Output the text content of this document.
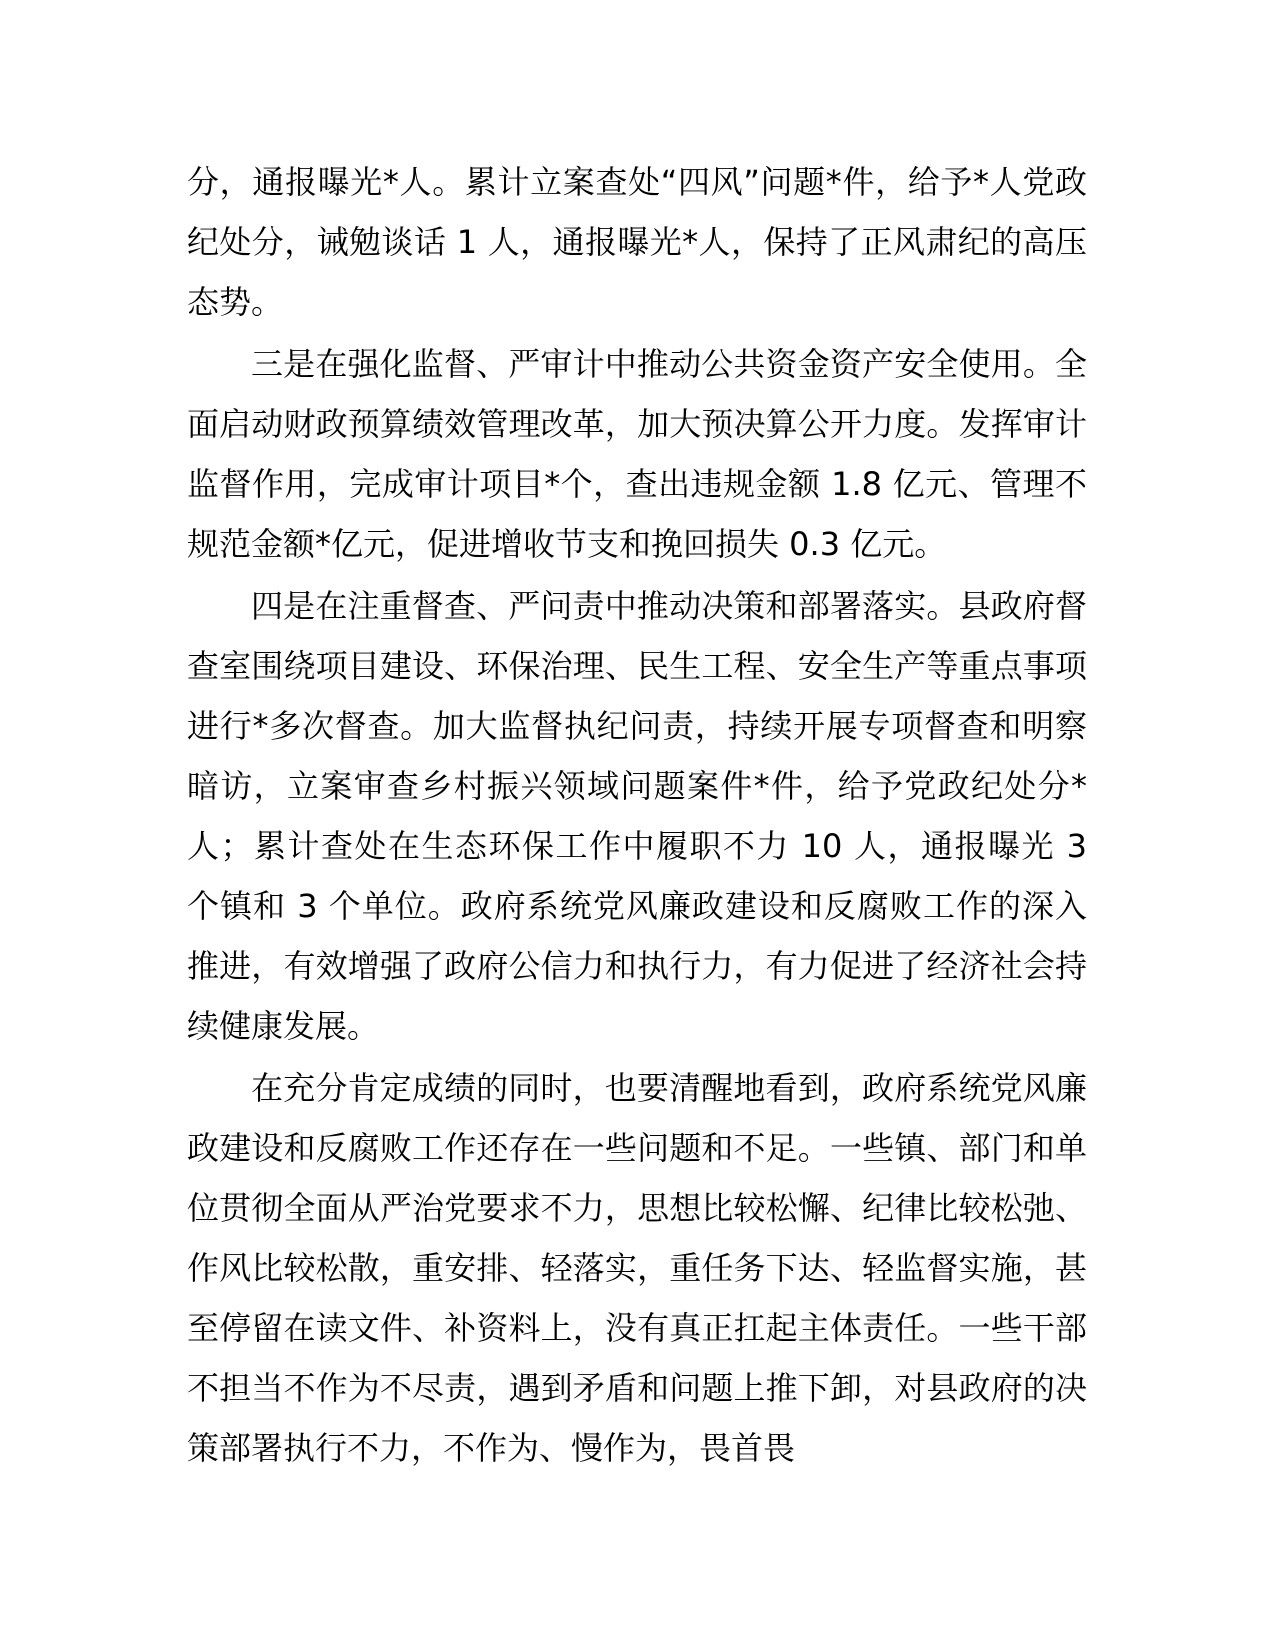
分，通报曝光*人。累计立案查处“四风”问题*件，给予*人党政纪处分，诫勉谈话 1 人，通报曝光*人，保持了正风肃纪的高压态势。

三是在强化监督、严审计中推动公共资金资产安全使用。全面启动财政预算绩效管理改革，加大预决算公开力度。发挥审计监督作用，完成审计项目*个，查出违规金额 1.8 亿元、管理不规范金额*亿元，促进增收节支和挽回损失 0.3 亿元。

四是在注重督查、严问责中推动决策和部署落实。县政府督查室围绕项目建设、环保治理、民生工程、安全生产等重点事项进行*多次督查。加大监督执纪问责，持续开展专项督查和明察暗访，立案审查乡村振兴领域问题案件*件，给予党政纪处分*人；累计查处在生态环保工作中履职不力 10 人，通报曝光 3 个镇和 3 个单位。政府系统党风廉政建设和反腐败工作的深入推进，有效增强了政府公信力和执行力，有力促进了经济社会持续健康发展。

在充分肯定成绩的同时，也要清醒地看到，政府系统党风廉政建设和反腐败工作还存在一些问题和不足。一些镇、部门和单位贯彻全面从严治党要求不力，思想比较松懈、纪律比较松弛、作风比较松散，重安排、轻落实，重任务下达、轻监督实施，甚至停留在读文件、补资料上，没有真正扛起主体责任。一些干部不担当不作为不尽责，遇到矛盾和问题上推下卸，对县政府的决策部署执行不力，不作为、慢作为，畏首畏
